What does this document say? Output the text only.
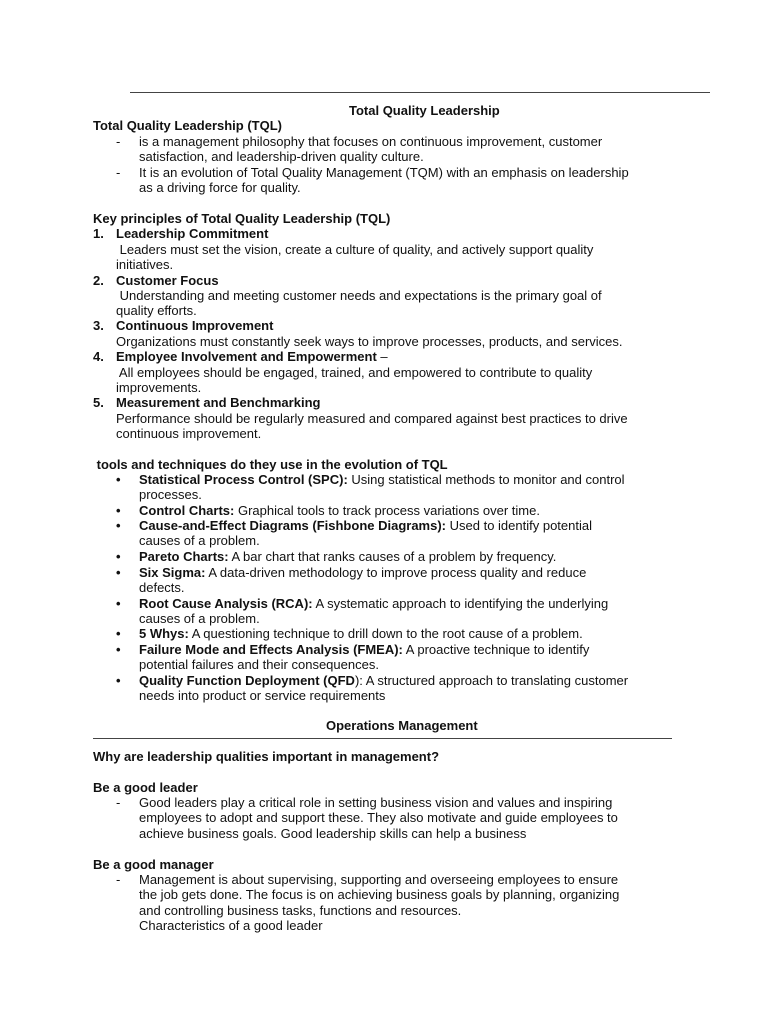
Total Quality Leadership
Total Quality Leadership (TQL)
- is a management philosophy that focuses on continuous improvement, customer
satisfaction, and leadership-driven quality culture.
- It is an evolution of Total Quality Management (TQM) with an emphasis on leadership
as a driving force for quality.
Key principles of Total Quality Leadership (TQL)
1. Leadership Commitment
Leaders must set the vision, create a culture of quality, and actively support quality
initiatives.
2. Customer Focus
Understanding and meeting customer needs and expectations is the primary goal of
quality efforts.
3. Continuous Improvement
Organizations must constantly seek ways to improve processes, products, and services.
4. Employee Involvement and Empowerment –
All employees should be engaged, trained, and empowered to contribute to quality
improvements.
5. Measurement and Benchmarking
Performance should be regularly measured and compared against best practices to drive
continuous improvement.
tools and techniques do they use in the evolution of TQL
• Statistical Process Control (SPC): Using statistical methods to monitor and control
processes.
• Control Charts: Graphical tools to track process variations over time.
• Cause-and-Effect Diagrams (Fishbone Diagrams): Used to identify potential
causes of a problem.
• Pareto Charts: A bar chart that ranks causes of a problem by frequency.
• Six Sigma: A data-driven methodology to improve process quality and reduce
defects.
• Root Cause Analysis (RCA): A systematic approach to identifying the underlying
causes of a problem.
• 5 Whys: A questioning technique to drill down to the root cause of a problem.
• Failure Mode and Effects Analysis (FMEA): A proactive technique to identify
potential failures and their consequences.
• Quality Function Deployment (QFD): A structured approach to translating customer
needs into product or service requirements
Operations Management
Why are leadership qualities important in management?
Be a good leader
- Good leaders play a critical role in setting business vision and values and inspiring
employees to adopt and support these. They also motivate and guide employees to
achieve business goals. Good leadership skills can help a business
Be a good manager
- Management is about supervising, supporting and overseeing employees to ensure
the job gets done. The focus is on achieving business goals by planning, organizing
and controlling business tasks, functions and resources.
Characteristics of a good leader
